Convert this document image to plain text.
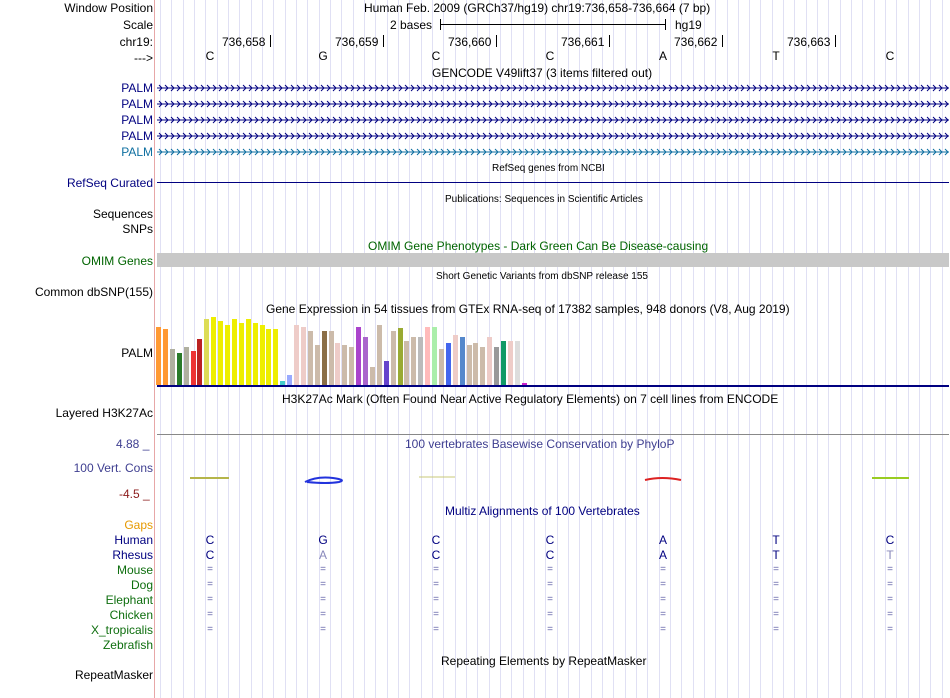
Window Position	Human Feb. 2009 (GRCh37/hg19) chr19:736,658-736,664 (7 bp)
Scale	2 bases	hg19
chr19:	736,658	736,659	736,660	736,661	736,662	736,663
--->	C	G	C	C	A	T	C
GENCODE V49lift37 (3 items filtered out)
PALM
PALM
PALM
PALM
PALM
RefSeq genes from NCBI
RefSeq Curated
Publications: Sequences in Scientific Articles
Sequences
SNPs
OMIM Gene Phenotypes - Dark Green Can Be Disease-causing
OMIM Genes
Short Genetic Variants from dbSNP release 155
Common dbSNP(155)
Gene Expression in 54 tissues from GTEx RNA-seq of 17382 samples, 948 donors (V8, Aug 2019)
PALM
H3K27Ac Mark (Often Found Near Active Regulatory Elements) on 7 cell lines from ENCODE
Layered H3K27Ac
100 vertebrates Basewise Conservation by PhyloP
4.88 _
100 Vert. Cons
-4.5 _
Multiz Alignments of 100 Vertebrates
Gaps
Human	C	G	C	C	A	T	C
Rhesus	C	A	C	C	A	T	T
Mouse	=	=	=	=	=	=	=
Dog	=	=	=	=	=	=	=
Elephant	=	=	=	=	=	=	=
Chicken	=	=	=	=	=	=	=
X_tropicalis	=	=	=	=	=	=	=
Zebrafish
Repeating Elements by RepeatMasker
RepeatMasker
